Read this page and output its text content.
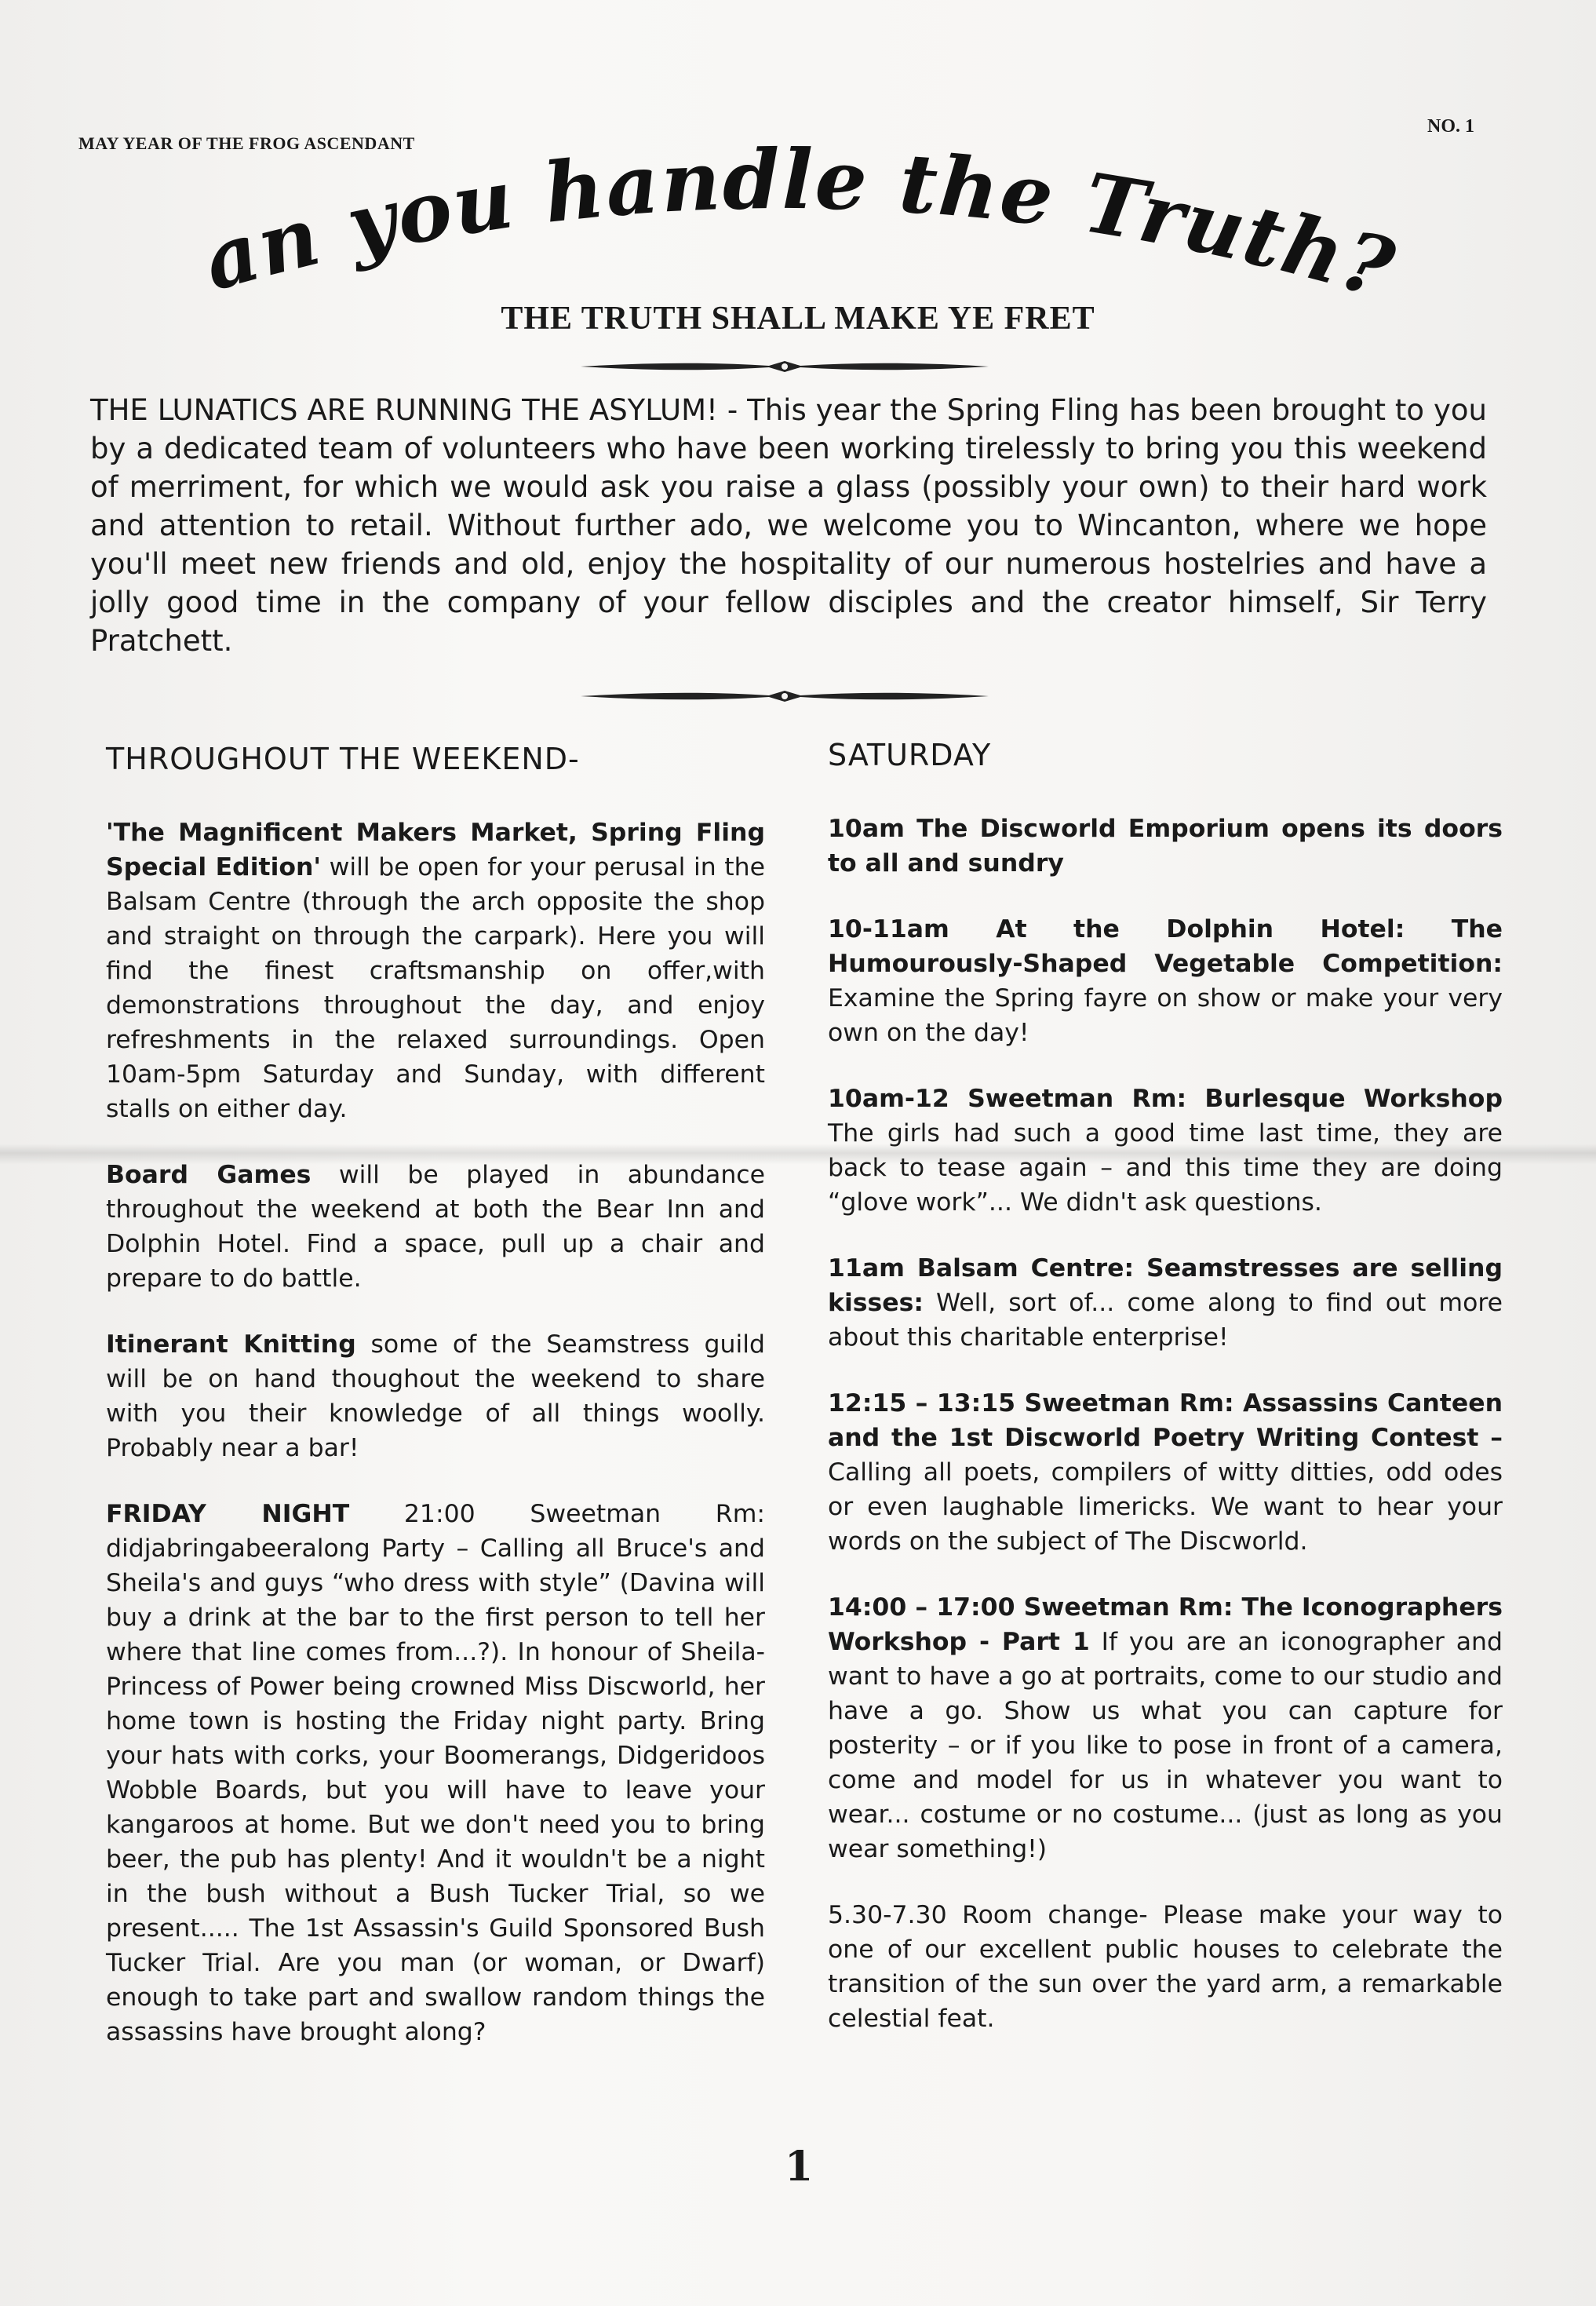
MAY YEAR OF THE FROG ASCENDANT
NO. 1
Can you handle the Truth?!
THE TRUTH SHALL MAKE YE FRET
THE LUNATICS ARE RUNNING THE ASYLUM! - This year the Spring Fling has been brought to you by a dedicated team of volunteers who have been working tirelessly to bring you this weekend of merriment, for which we would ask you raise a glass (possibly your own) to their hard work and attention to retail. Without further ado, we welcome you to Wincanton, where we hope you'll meet new friends and old, enjoy the hospitality of our numerous hostelries and have a jolly good time in the company of your fellow disciples and the creator himself, Sir Terry Pratchett.
THROUGHOUT THE WEEKEND-

'The Magnificent Makers Market, Spring Fling Special Edition' will be open for your perusal in the Balsam Centre (through the arch opposite the shop and straight on through the carpark). Here you will find the finest craftsmanship on offer,with demonstrations throughout the day, and enjoy refreshments in the relaxed surroundings. Open 10am-5pm Saturday and Sunday, with different stalls on either day.

Board Games will be played in abundance throughout the weekend at both the Bear Inn and Dolphin Hotel. Find a space, pull up a chair and prepare to do battle.

Itinerant Knitting some of the Seamstress guild will be on hand thoughout the weekend to share with you their knowledge of all things woolly. Probably near a bar!

FRIDAY NIGHT 21:00 Sweetman Rm: didjabringabeeralong Party – Calling all Bruce's and Sheila's and guys “who dress with style” (Davina will buy a drink at the bar to the first person to tell her where that line comes from...?). In honour of Sheila- Princess of Power being crowned Miss Discworld, her home town is hosting the Friday night party. Bring your hats with corks, your Boomerangs, Didgeridoos Wobble Boards, but you will have to leave your kangaroos at home. But we don't need you to bring beer, the pub has plenty! And it wouldn't be a night in the bush without a Bush Tucker Trial, so we present..... The 1st Assassin's Guild Sponsored Bush Tucker Trial. Are you man (or woman, or Dwarf) enough to take part and swallow random things the assassins have brought along?

SATURDAY

10am The Discworld Emporium opens its doors to all and sundry

10-11am At the Dolphin Hotel: The Humourously-Shaped Vegetable Competition: Examine the Spring fayre on show or make your very own on the day!

10am-12 Sweetman Rm: Burlesque Workshop The girls had such a good time last time, they are back to tease again – and this time they are doing “glove work”... We didn't ask questions.

11am Balsam Centre: Seamstresses are selling kisses: Well, sort of... come along to find out more about this charitable enterprise!

12:15 – 13:15 Sweetman Rm: Assassins Canteen and the 1st Discworld Poetry Writing Contest – Calling all poets, compilers of witty ditties, odd odes or even laughable limericks. We want to hear your words on the subject of The Discworld.

14:00 – 17:00 Sweetman Rm: The Iconographers Workshop - Part 1 If you are an iconographer and want to have a go at portraits, come to our studio and have a go. Show us what you can capture for posterity – or if you like to pose in front of a camera, come and model for us in whatever you want to wear... costume or no costume... (just as long as you wear something!)

5.30-7.30 Room change- Please make your way to one of our excellent public houses to celebrate the transition of the sun over the yard arm, a remarkable celestial feat.

1
